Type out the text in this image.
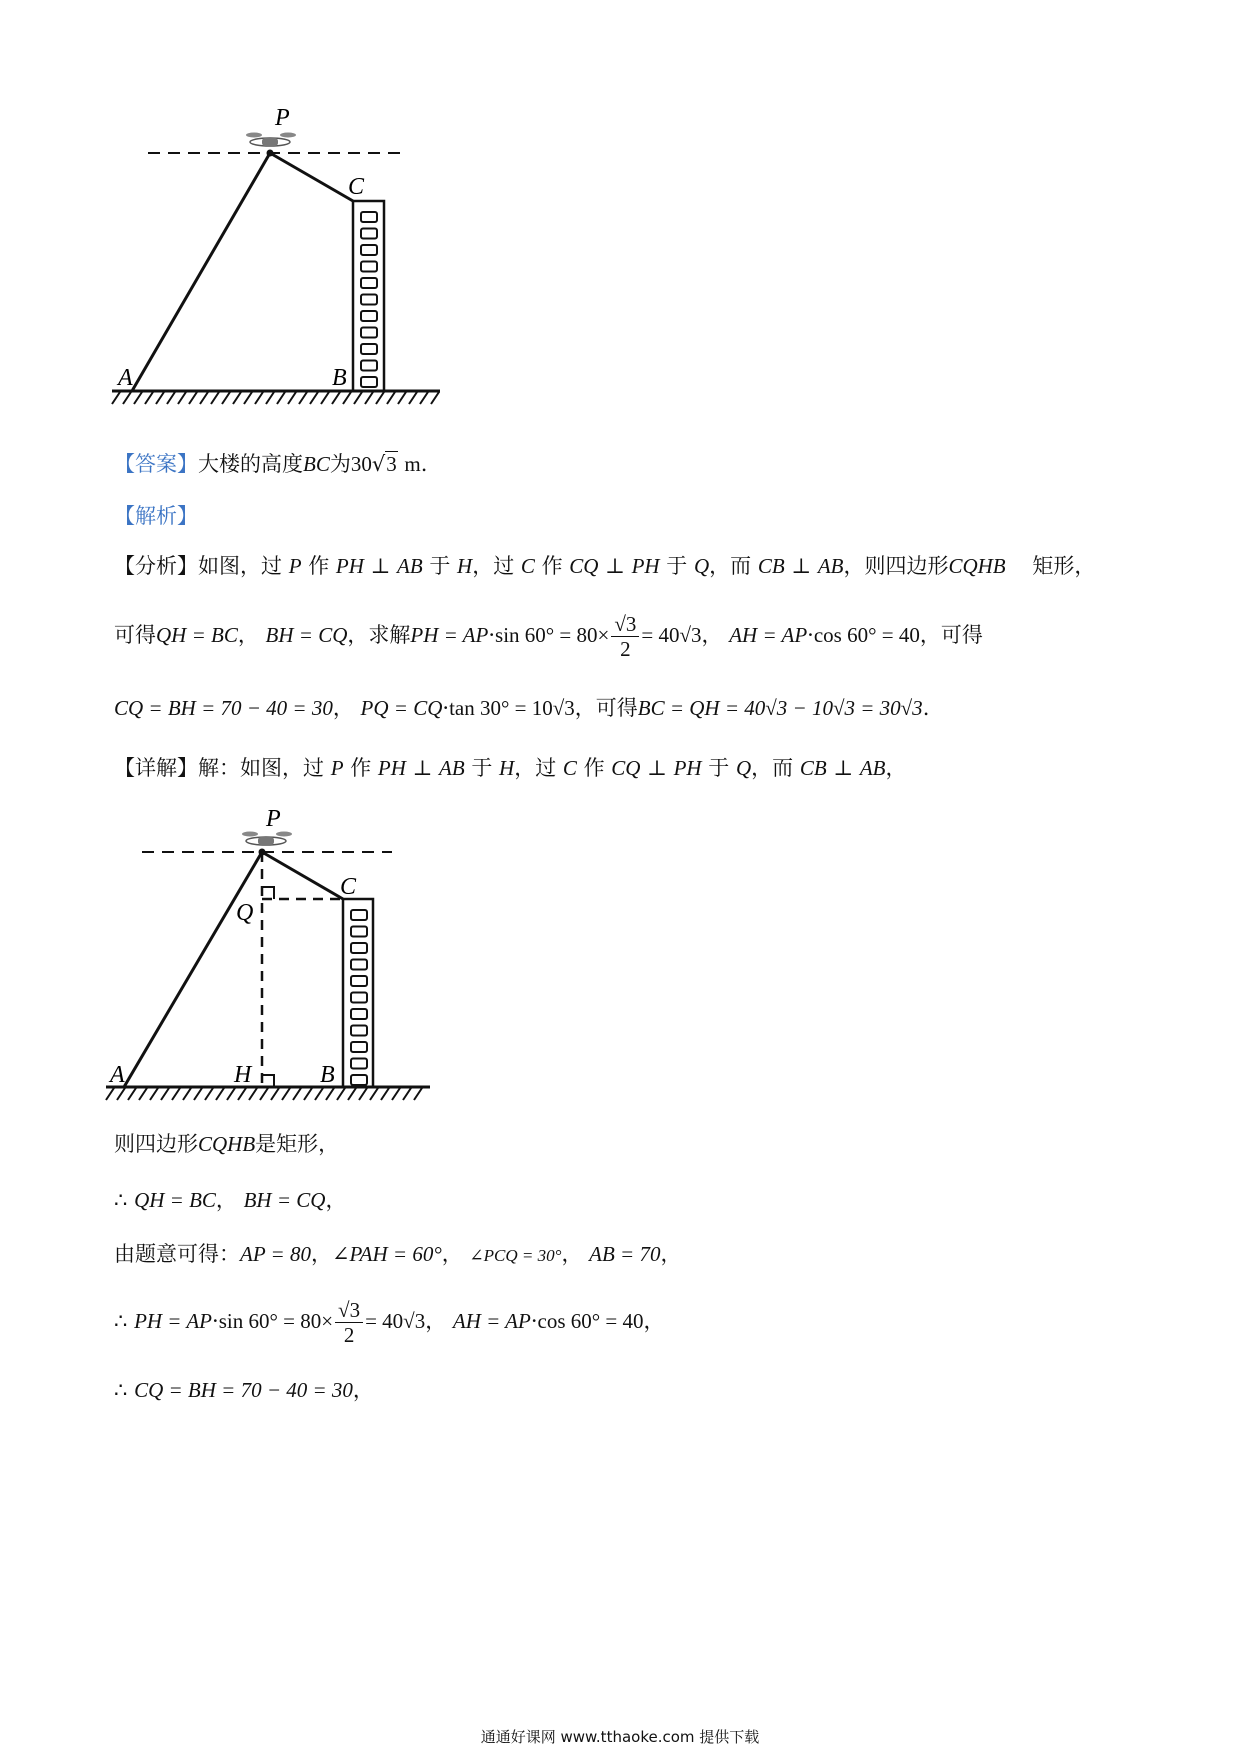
P
C
A	B
【答案】大楼的高度BC为30√3 m.
【解析】
【分析】如图，过 P 作 PH ⊥ AB 于 H，过 C 作 CQ ⊥ PH 于 Q，而 CB ⊥ AB，则四边形CQHB 矩形，
可得QH = BC， BH = CQ，求解PH = AP·sin $60^\circ = 80\times \frac{√3}{2} = 40√3$， AH = AP·cos 60° = 40，可得
CQ = BH = 70 − 40 = 30， PQ = CQ·tan 30° = 10√3，可得BC = QH = 40√3 − 10√3 = 30√3.
【详解】解：如图，过 P 作 PH ⊥ AB 于 H，过 C 作 CQ ⊥ PH 于 Q，而 CB ⊥ AB，
P
C
Q
A	H	B
则四边形CQHB是矩形，
∴ QH = BC， BH = CQ，
由题意可得：AP = 80，∠PAH = 60°， ∠PCQ = 30°， AB = 70，
∴ PH = AP·sin $60^\circ = 80\times \frac{√3}{2} = 40√3$， AH = AP·cos 60° = 40，
∴ CQ = BH = 70 − 40 = 30，
通通好课网 www.tthaoke.com 提供下载
